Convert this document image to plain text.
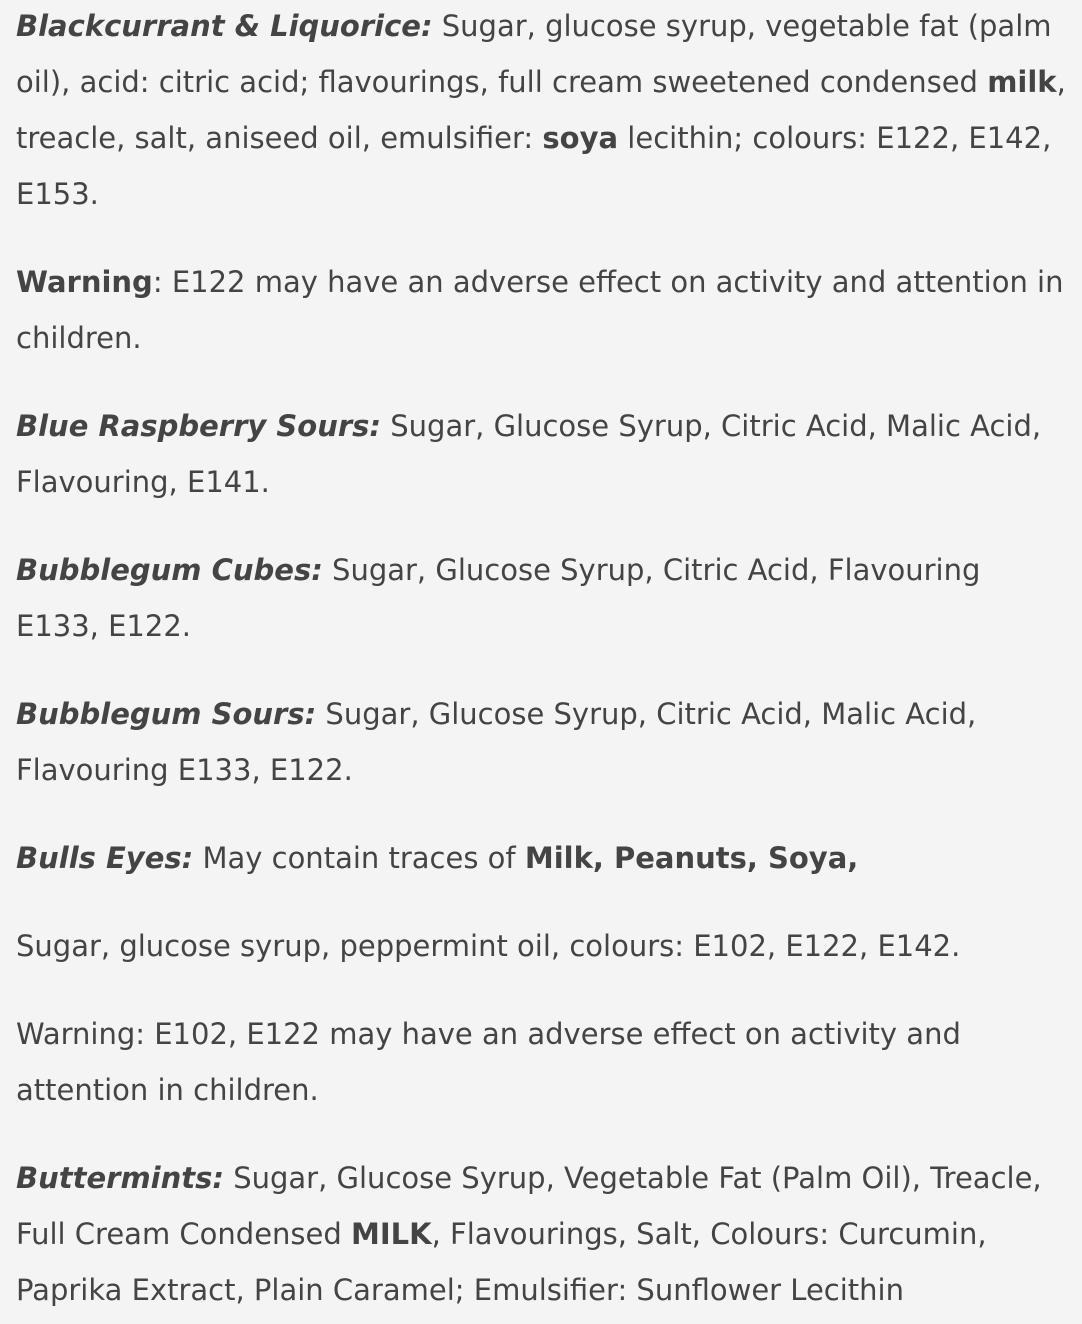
Blackcurrant & Liquorice: Sugar, glucose syrup, vegetable fat (palm oil), acid: citric acid; flavourings, full cream sweetened condensed milk, treacle, salt, aniseed oil, emulsifier: soya lecithin; colours: E122, E142, E153.

Warning: E122 may have an adverse effect on activity and attention in children.

Blue Raspberry Sours: Sugar, Glucose Syrup, Citric Acid, Malic Acid, Flavouring, E141.

Bubblegum Cubes: Sugar, Glucose Syrup, Citric Acid, Flavouring E133, E122.

Bubblegum Sours: Sugar, Glucose Syrup, Citric Acid, Malic Acid, Flavouring E133, E122.

Bulls Eyes: May contain traces of Milk, Peanuts, Soya,

Sugar, glucose syrup, peppermint oil, colours: E102, E122, E142.

Warning: E102, E122 may have an adverse effect on activity and attention in children.

Buttermints: Sugar, Glucose Syrup, Vegetable Fat (Palm Oil), Treacle, Full Cream Condensed MILK, Flavourings, Salt, Colours: Curcumin, Paprika Extract, Plain Caramel; Emulsifier: Sunflower Lecithin
